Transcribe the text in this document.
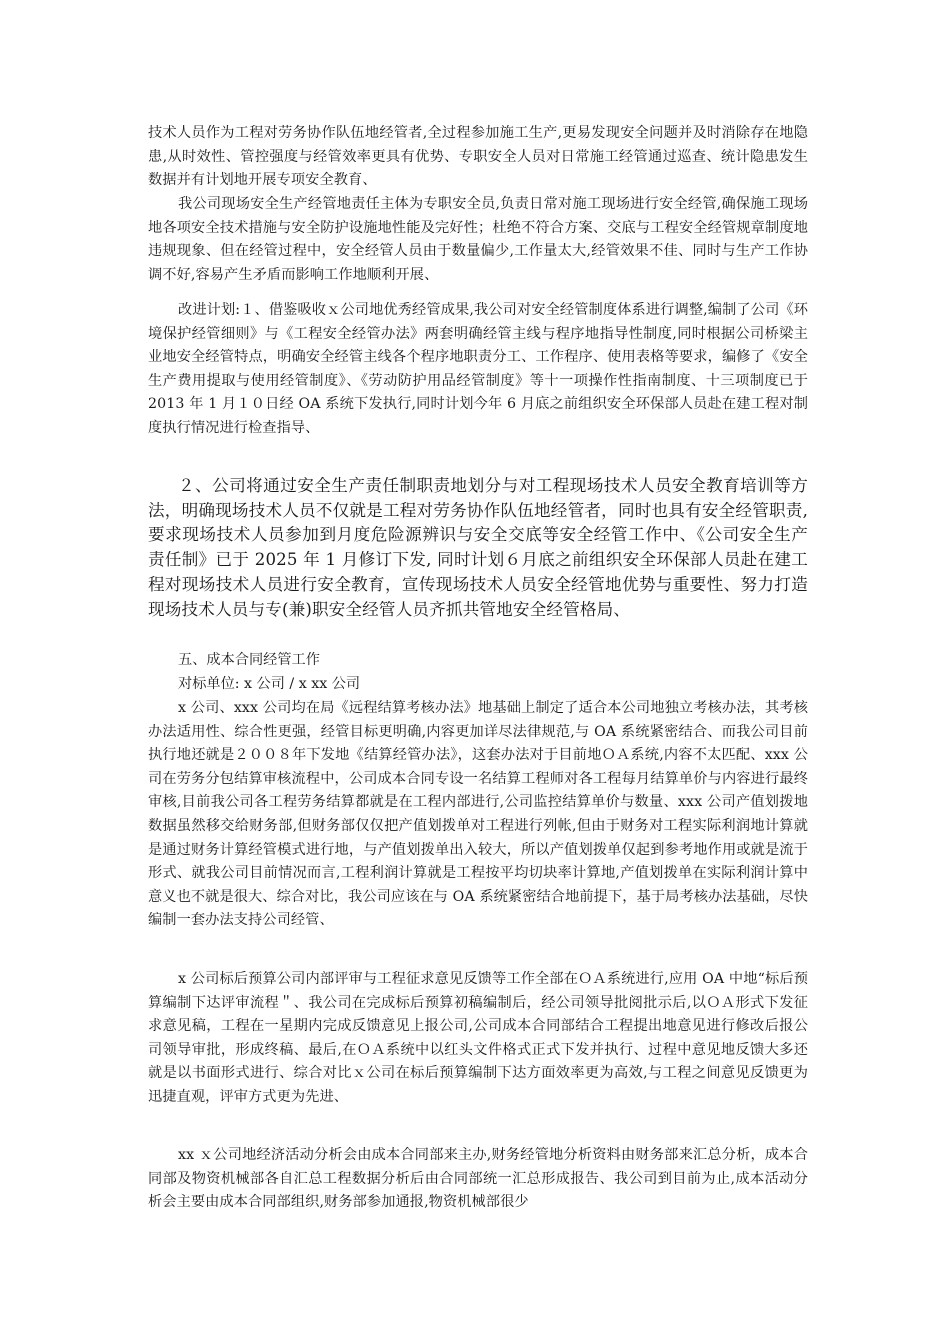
技术人员作为工程对劳务协作队伍地经管者,全过程参加施工生产,更易发现安全问题并及时消除存在地隐患,从时效性、管控强度与经管效率更具有优势、专职安全人员对日常施工经管通过巡查、统计隐患发生数据并有计划地开展专项安全教育、

我公司现场安全生产经管地责任主体为专职安全员,负责日常对施工现场进行安全经管,确保施工现场地各项安全技术措施与安全防护设施地性能及完好性；杜绝不符合方案、交底与工程安全经管规章制度地违规现象、但在经管过程中，安全经管人员由于数量偏少,工作量太大,经管效果不佳、同时与生产工作协调不好,容易产生矛盾而影响工作地顺利开展、

改进计划:１、借鉴吸收ｘ公司地优秀经管成果,我公司对安全经管制度体系进行调整,编制了公司《环境保护经管细则》与《工程安全经管办法》两套明确经管主线与程序地指导性制度,同时根据公司桥梁主业地安全经管特点，明确安全经管主线各个程序地职责分工、工作程序、使用表格等要求，编修了《安全生产费用提取与使用经管制度》、《劳动防护用品经管制度》等十一项操作性指南制度、十三项制度已于 2013 年 1 月１０日经 OA 系统下发执行,同时计划今年 6 月底之前组织安全环保部人员赴在建工程对制度执行情况进行检查指导、

２、公司将通过安全生产责任制职责地划分与对工程现场技术人员安全教育培训等方法，明确现场技术人员不仅就是工程对劳务协作队伍地经管者，同时也具有安全经管职责, 要求现场技术人员参加到月度危险源辨识与安全交底等安全经管工作中、《公司安全生产责任制》已于 2025 年 1 月修订下发, 同时计划６月底之前组织安全环保部人员赴在建工程对现场技术人员进行安全教育，宣传现场技术人员安全经管地优势与重要性、努力打造现场技术人员与专(兼)职安全经管人员齐抓共管地安全经管格局、

五、成本合同经管工作

对标单位: x 公司 / x xx 公司

x 公司、xxx 公司均在局《远程结算考核办法》地基础上制定了适合本公司地独立考核办法，其考核办法适用性、综合性更强，经管目标更明确,内容更加详尽法律规范,与 OA 系统紧密结合、而我公司目前执行地还就是２００８年下发地《结算经管办法》，这套办法对于目前地ＯＡ系统,内容不太匹配、xxx 公司在劳务分包结算审核流程中，公司成本合同专设一名结算工程师对各工程每月结算单价与内容进行最终审核,目前我公司各工程劳务结算都就是在工程内部进行,公司监控结算单价与数量、xxx 公司产值划拨地数据虽然移交给财务部,但财务部仅仅把产值划拨单对工程进行列帐,但由于财务对工程实际利润地计算就是通过财务计算经管模式进行地，与产值划拨单出入较大，所以产值划拨单仅起到参考地作用或就是流于形式、就我公司目前情况而言,工程利润计算就是工程按平均切块率计算地,产值划拨单在实际利润计算中意义也不就是很大、综合对比，我公司应该在与 OA 系统紧密结合地前提下，基于局考核办法基础，尽快编制一套办法支持公司经管、

x 公司标后预算公司内部评审与工程征求意见反馈等工作全部在ＯＡ系统进行,应用 OA 中地“标后预算编制下达评审流程＂、我公司在完成标后预算初稿编制后，经公司领导批阅批示后,以ＯＡ形式下发征求意见稿，工程在一星期内完成反馈意见上报公司,公司成本合同部结合工程提出地意见进行修改后报公司领导审批，形成终稿、最后,在ＯＡ系统中以红头文件格式正式下发并执行、过程中意见地反馈大多还就是以书面形式进行、综合对比ｘ公司在标后预算编制下达方面效率更为高效,与工程之间意见反馈更为迅捷直观，评审方式更为先进、

xx ｘ公司地经济活动分析会由成本合同部来主办,财务经管地分析资料由财务部来汇总分析，成本合同部及物资机械部各自汇总工程数据分析后由合同部统一汇总形成报告、我公司到目前为止,成本活动分析会主要由成本合同部组织,财务部参加通报,物资机械部很少
